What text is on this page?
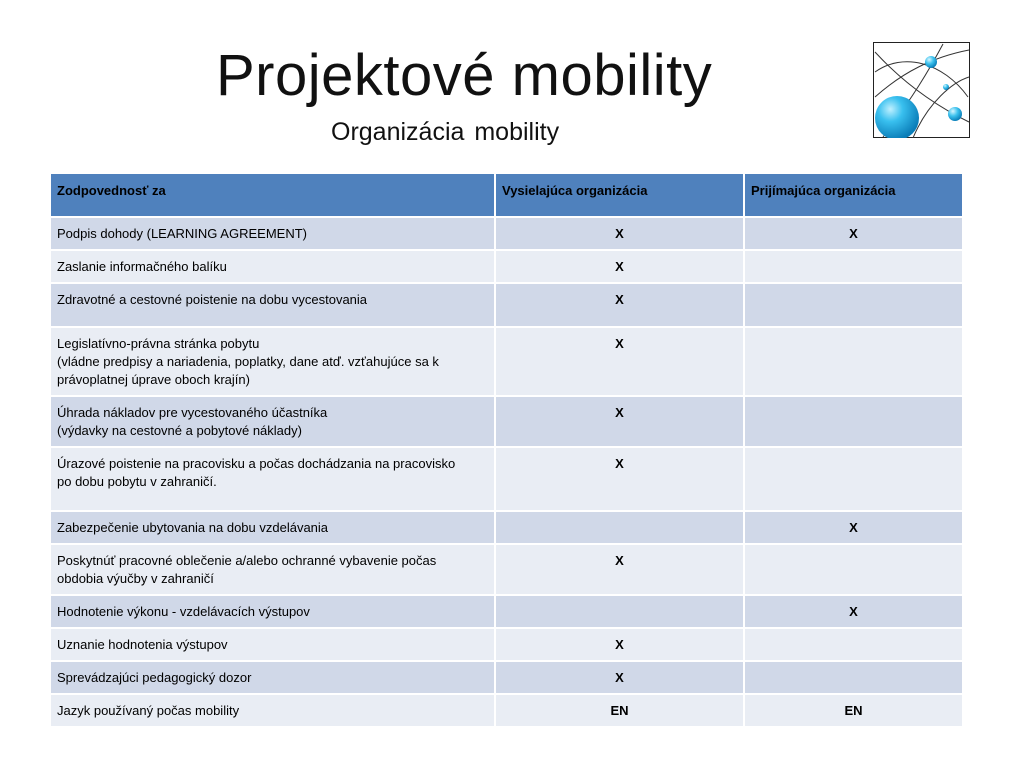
Projektové mobility
Organizácia mobility
Zodpovednosť za	Vysielajúca organizácia	Prijímajúca organizácia

Podpis dohody (LEARNING AGREEMENT)	X	X

Zaslanie informačného balíku	X	

Zdravotné a cestovné poistenie na dobu vycestovania	X	

Legislatívno-právna stránka pobytu
(vládne predpisy a nariadenia, poplatky, dane atď. vzťahujúce sa k
právoplatnej úprave oboch krajín)	X	

Úhrada nákladov pre vycestovaného účastníka
(výdavky na cestovné a pobytové náklady)	X	

Úrazové poistenie na pracovisku a počas dochádzania na pracovisko
po dobu pobytu v zahraničí.	X	

Zabezpečenie ubytovania na dobu vzdelávania		X

Poskytnúť pracovné oblečenie a/alebo ochranné vybavenie počas
obdobia výučby v zahraničí	X	

Hodnotenie výkonu - vzdelávacích výstupov		X

Uznanie hodnotenia výstupov	X	

Sprevádzajúci pedagogický dozor	X	

Jazyk používaný počas mobility	EN	EN
